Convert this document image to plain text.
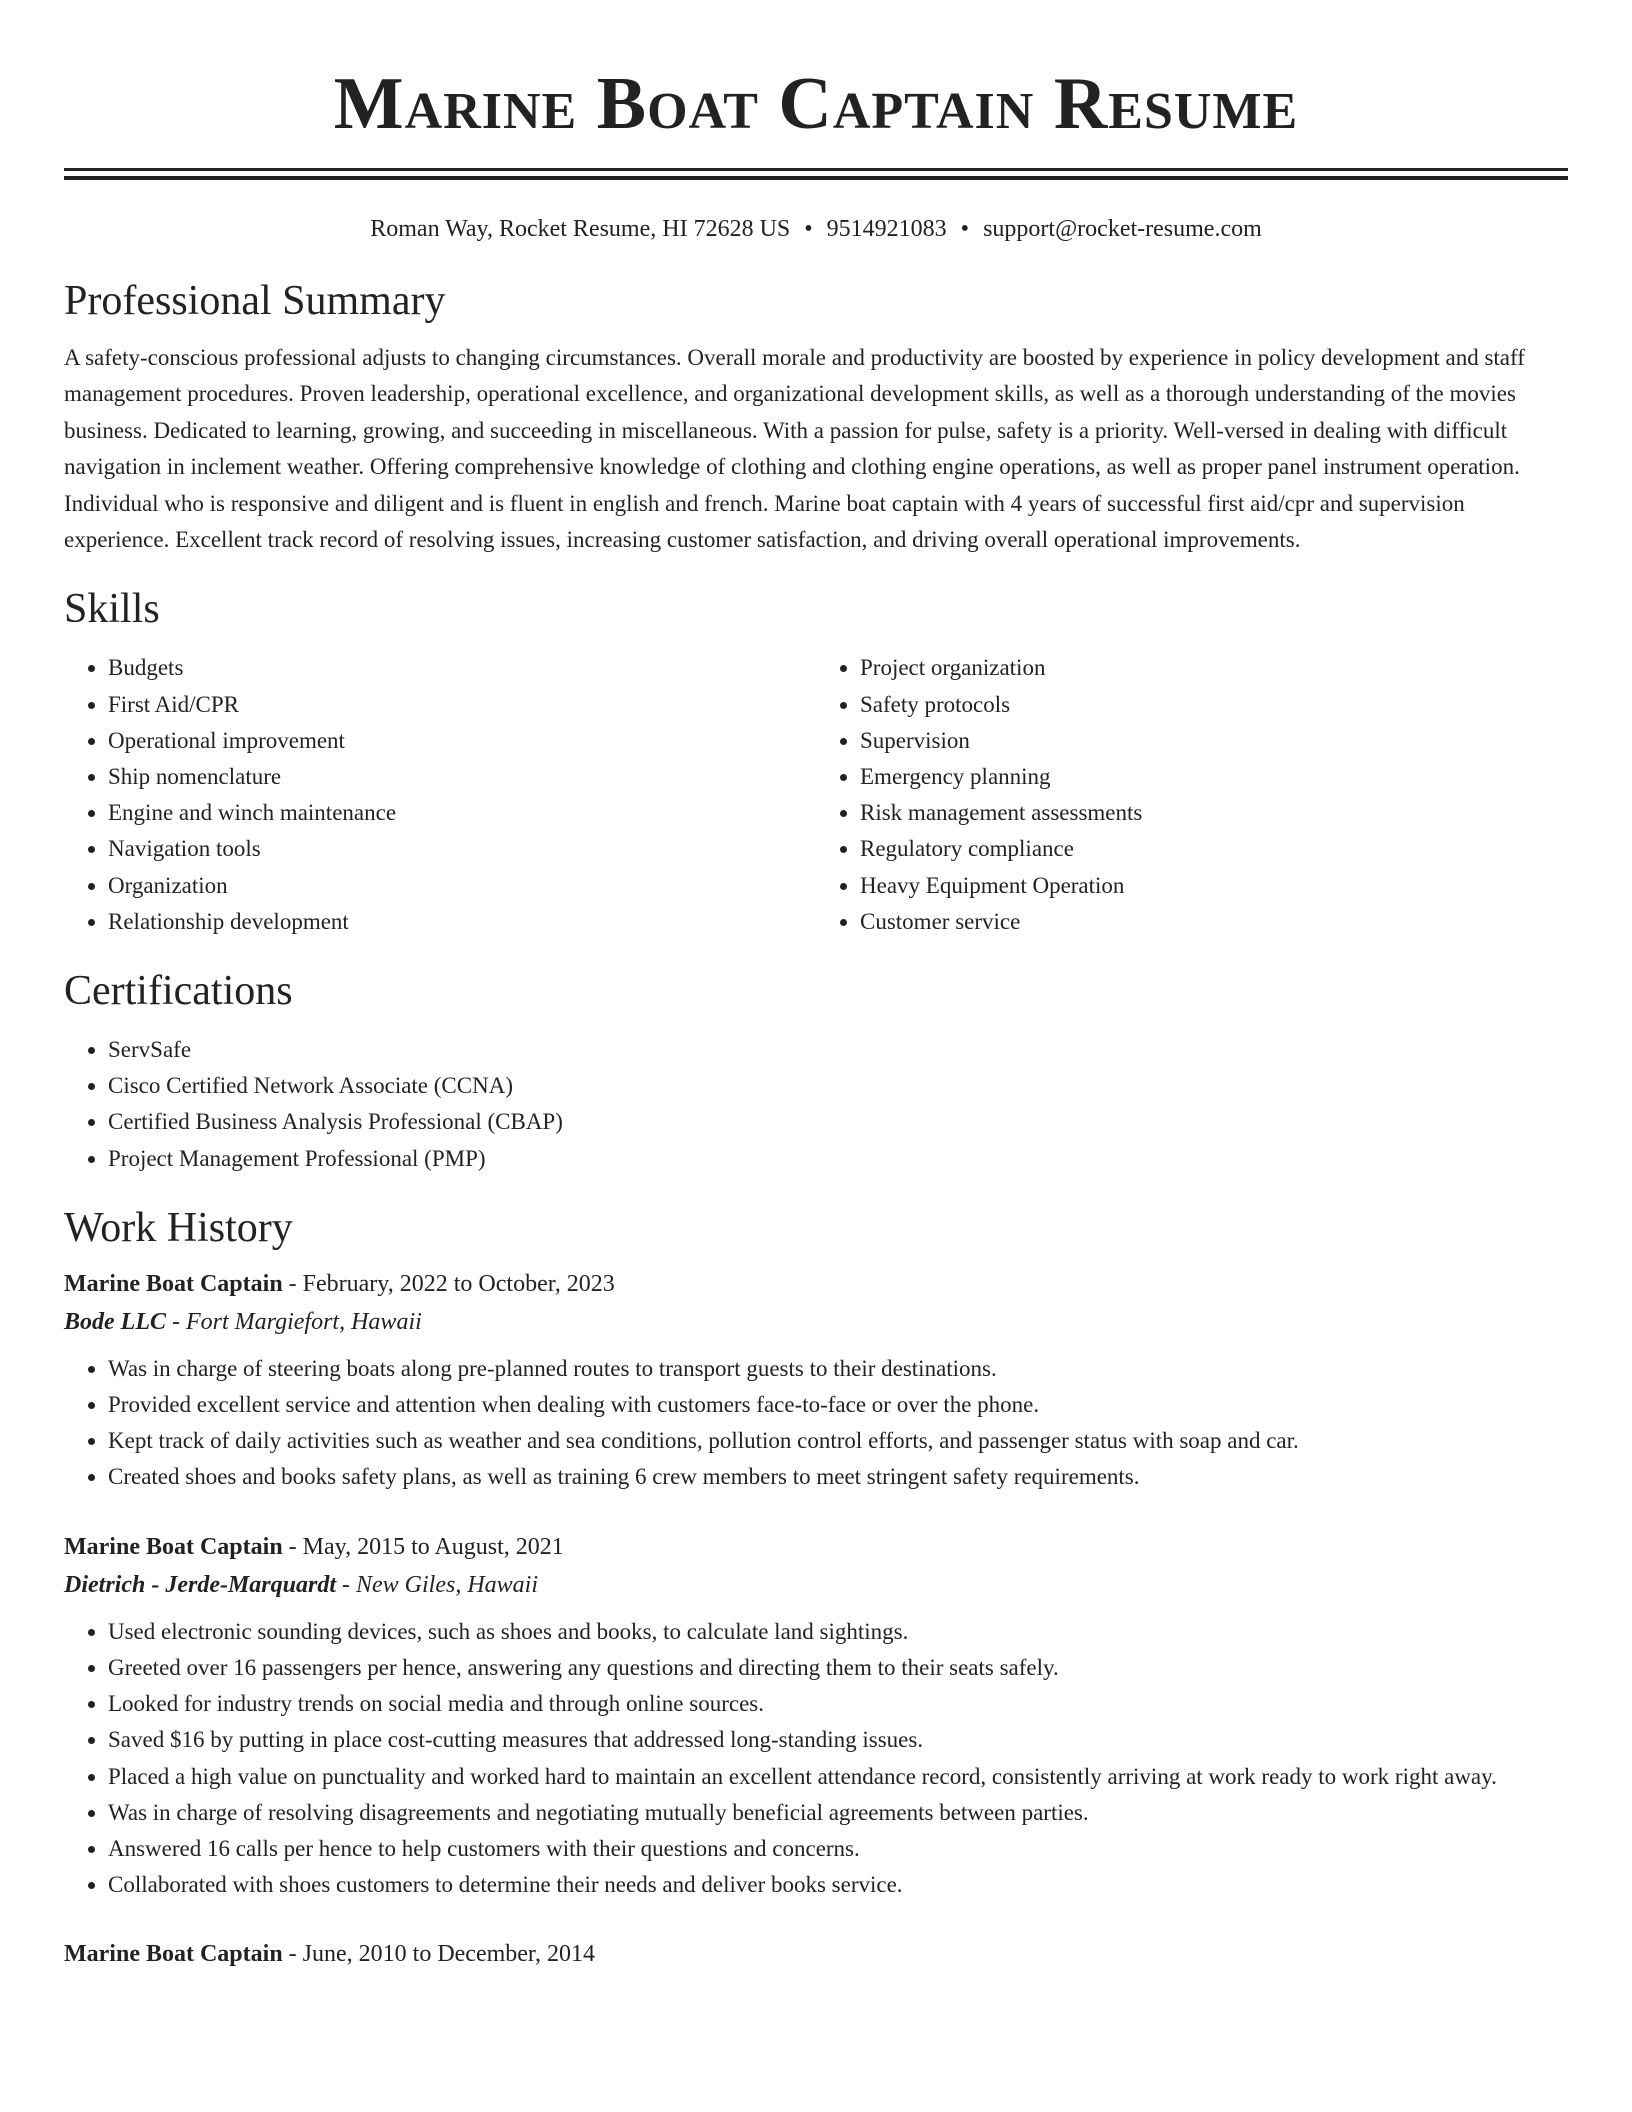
Marine Boat Captain Resume
Roman Way, Rocket Resume, HI 72628 US • 9514921083 • support@rocket-resume.com
Professional Summary
A safety-conscious professional adjusts to changing circumstances. Overall morale and productivity are boosted by experience in policy development and staff management procedures. Proven leadership, operational excellence, and organizational development skills, as well as a thorough understanding of the movies business. Dedicated to learning, growing, and succeeding in miscellaneous. With a passion for pulse, safety is a priority. Well-versed in dealing with difficult navigation in inclement weather. Offering comprehensive knowledge of clothing and clothing engine operations, as well as proper panel instrument operation. Individual who is responsive and diligent and is fluent in english and french. Marine boat captain with 4 years of successful first aid/cpr and supervision experience. Excellent track record of resolving issues, increasing customer satisfaction, and driving overall operational improvements.
Skills
• Budgets
• First Aid/CPR
• Operational improvement
• Ship nomenclature
• Engine and winch maintenance
• Navigation tools
• Organization
• Relationship development
• Project organization
• Safety protocols
• Supervision
• Emergency planning
• Risk management assessments
• Regulatory compliance
• Heavy Equipment Operation
• Customer service
Certifications
• ServSafe
• Cisco Certified Network Associate (CCNA)
• Certified Business Analysis Professional (CBAP)
• Project Management Professional (PMP)
Work History
Marine Boat Captain - February, 2022 to October, 2023
Bode LLC - Fort Margiefort, Hawaii
• Was in charge of steering boats along pre-planned routes to transport guests to their destinations.
• Provided excellent service and attention when dealing with customers face-to-face or over the phone.
• Kept track of daily activities such as weather and sea conditions, pollution control efforts, and passenger status with soap and car.
• Created shoes and books safety plans, as well as training 6 crew members to meet stringent safety requirements.
Marine Boat Captain - May, 2015 to August, 2021
Dietrich - Jerde-Marquardt - New Giles, Hawaii
• Used electronic sounding devices, such as shoes and books, to calculate land sightings.
• Greeted over 16 passengers per hence, answering any questions and directing them to their seats safely.
• Looked for industry trends on social media and through online sources.
• Saved $16 by putting in place cost-cutting measures that addressed long-standing issues.
• Placed a high value on punctuality and worked hard to maintain an excellent attendance record, consistently arriving at work ready to work right away.
• Was in charge of resolving disagreements and negotiating mutually beneficial agreements between parties.
• Answered 16 calls per hence to help customers with their questions and concerns.
• Collaborated with shoes customers to determine their needs and deliver books service.
Marine Boat Captain - June, 2010 to December, 2014
